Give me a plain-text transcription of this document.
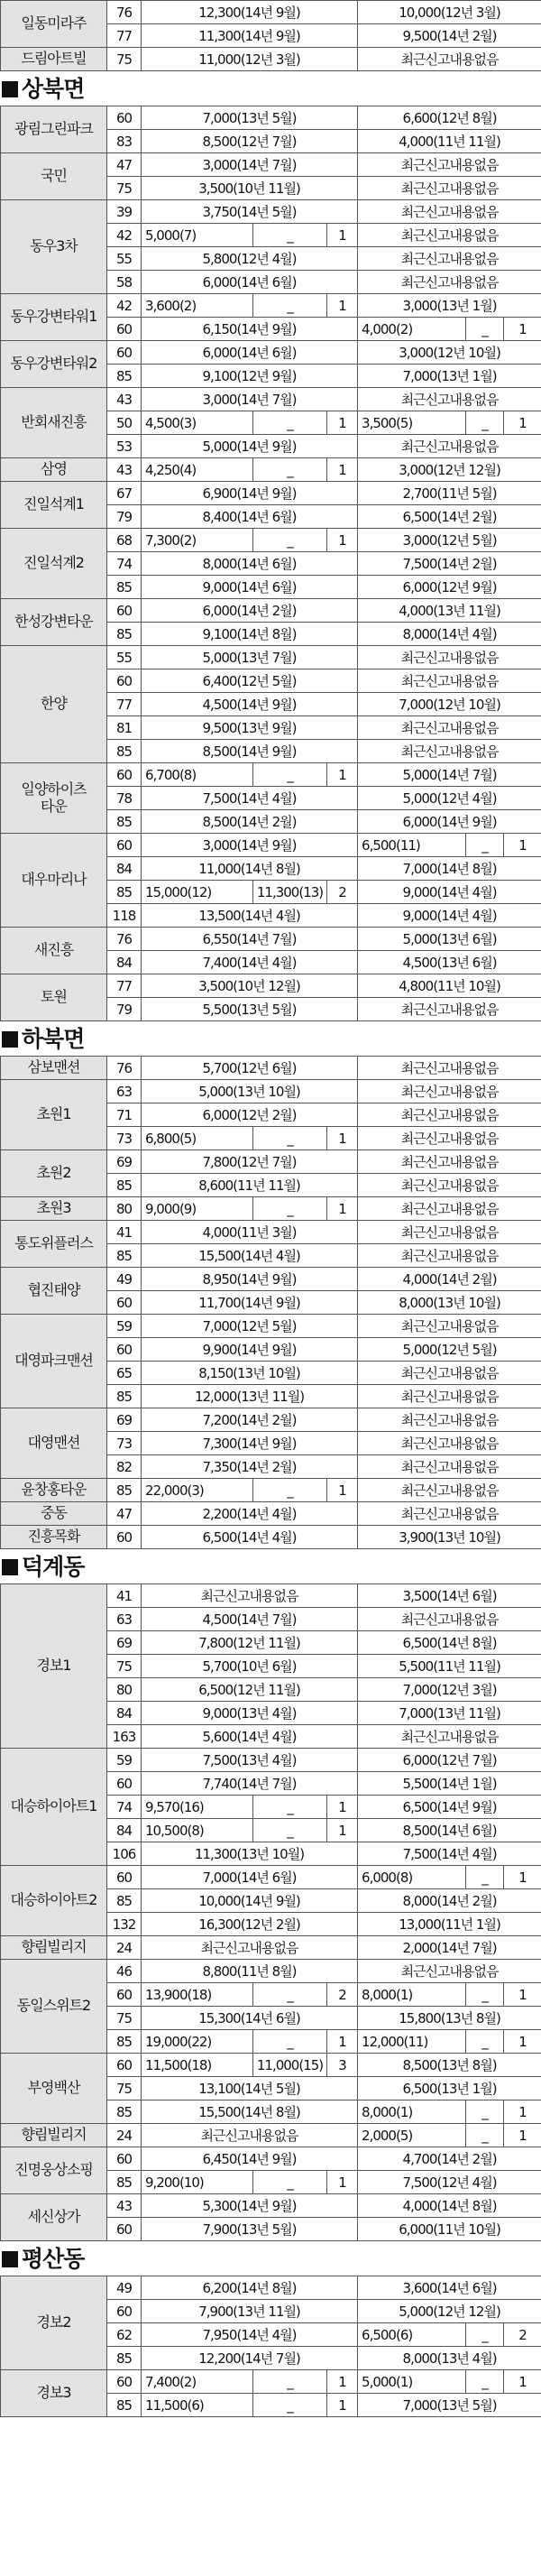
일동미라주	76	12,300(14년 9월)	10,000(12년 3월)
	77	11,300(14년 9월)	9,500(14년 2월)
드림아트빌	75	11,000(12년 3월)	최근신고내용없음
상북면
광림그린파크	60	7,000(13년 5월)			6,600(12년 8월)		
	83	8,500(12년 7월)			4,000(11년 11월)		
국민	47	3,000(14년 7월)			최근신고내용없음		
	75	3,500(10년 11월)			최근신고내용없음		
동우3차	39	3,750(14년 5월)			최근신고내용없음		
	42	5,000(7)	_	1	최근신고내용없음		
	55	5,800(12년 4월)			최근신고내용없음		
	58	6,000(14년 6월)			최근신고내용없음		
동우강변타워1	42	3,600(2)	_	1	3,000(13년 1월)		
	60	6,150(14년 9월)			4,000(2)	_	1
동우강변타워2	60	6,000(14년 6월)			3,000(12년 10월)		
	85	9,100(12년 9월)			7,000(13년 1월)		
반회새진흥	43	3,000(14년 7월)			최근신고내용없음		
	50	4,500(3)	_	1	3,500(5)	_	1
	53	5,000(14년 9월)			최근신고내용없음		
삼영	43	4,250(4)	_	1	3,000(12년 12월)		
진일석계1	67	6,900(14년 9월)			2,700(11년 5월)		
	79	8,400(14년 6월)			6,500(14년 2월)		
진일석계2	68	7,300(2)	_	1	3,000(12년 5월)		
	74	8,000(14년 6월)			7,500(14년 2월)		
	85	9,000(14년 6월)			6,000(12년 9월)		
한성강변타운	60	6,000(14년 2월)			4,000(13년 11월)		
	85	9,100(14년 8월)			8,000(14년 4월)		
한양	55	5,000(13년 7월)			최근신고내용없음		
	60	6,400(12년 5월)			최근신고내용없음		
	77	4,500(14년 9월)			7,000(12년 10월)		
	81	9,500(13년 9월)			최근신고내용없음		
	85	8,500(14년 9월)			최근신고내용없음		
일양하이츠
타운	60	6,700(8)	_	1	5,000(14년 7월)		
	78	7,500(14년 4월)			5,000(12년 4월)		
	85	8,500(14년 2월)			6,000(14년 9월)		
대우마리나	60	3,000(14년 9월)			6,500(11)	_	1
	84	11,000(14년 8월)			7,000(14년 8월)		
	85	15,000(12)	11,300(13)	2	9,000(14년 4월)		
	118	13,500(14년 4월)			9,000(14년 4월)		
새진흥	76	6,550(14년 7월)			5,000(13년 6월)		
	84	7,400(14년 4월)			4,500(13년 6월)		
토원	77	3,500(10년 12월)			4,800(11년 10월)		
	79	5,500(13년 5월)			최근신고내용없음		
하북면
삼보맨션	76	5,700(12년 6월)			최근신고내용없음
초원1	63	5,000(13년 10월)			최근신고내용없음
	71	6,000(12년 2월)			최근신고내용없음
	73	6,800(5)	_	1	최근신고내용없음
초원2	69	7,800(12년 7월)			최근신고내용없음
	85	8,600(11년 11월)			최근신고내용없음
초원3	80	9,000(9)	_	1	최근신고내용없음
통도위플러스	41	4,000(11년 3월)			최근신고내용없음
	85	15,500(14년 4월)			최근신고내용없음
협진태양	49	8,950(14년 9월)			4,000(14년 2월)
	60	11,700(14년 9월)			8,000(13년 10월)
대영파크맨션	59	7,000(12년 5월)			최근신고내용없음
	60	9,900(14년 9월)			5,000(12년 5월)
	65	8,150(13년 10월)			최근신고내용없음
	85	12,000(13년 11월)			최근신고내용없음
대영맨션	69	7,200(14년 2월)			최근신고내용없음
	73	7,300(14년 9월)			최근신고내용없음
	82	7,350(14년 2월)			최근신고내용없음
윤창홍타운	85	22,000(3)	_	1	최근신고내용없음
중동	47	2,200(14년 4월)			최근신고내용없음
진흥목화	60	6,500(14년 4월)			3,900(13년 10월)
덕계동
경보1	41	최근신고내용없음			3,500(14년 6월)		
	63	4,500(14년 7월)			최근신고내용없음		
	69	7,800(12년 11월)			6,500(14년 8월)		
	75	5,700(10년 6월)			5,500(11년 11월)		
	80	6,500(12년 11월)			7,000(12년 3월)		
	84	9,000(13년 4월)			7,000(13년 11월)		
	163	5,600(14년 4월)			최근신고내용없음		
대승하이아트1	59	7,500(13년 4월)			6,000(12년 7월)		
	60	7,740(14년 7월)			5,500(14년 1월)		
	74	9,570(16)	_	1	6,500(14년 9월)		
	84	10,500(8)	_	1	8,500(14년 6월)		
	106	11,300(13년 10월)			7,500(14년 4월)		
대승하이아트2	60	7,000(14년 6월)			6,000(8)	_	1
	85	10,000(14년 9월)			8,000(14년 2월)		
	132	16,300(12년 2월)			13,000(11년 1월)		
향림빌리지	24	최근신고내용없음			2,000(14년 7월)		
동일스위트2	46	8,800(11년 8월)			최근신고내용없음		
	60	13,900(18)	_	2	8,000(1)	_	1
	75	15,300(14년 6월)			15,800(13년 8월)		
	85	19,000(22)	_	1	12,000(11)	_	1
부영백산	60	11,500(18)	11,000(15)	3	8,500(13년 8월)		
	75	13,100(14년 5월)			6,500(13년 1월)		
	85	15,500(14년 8월)			8,000(1)	_	1
향림빌리지	24	최근신고내용없음			2,000(5)	_	1
진명웅상소핑	60	6,450(14년 9월)			4,700(14년 2월)		
	85	9,200(10)	_	1	7,500(12년 4월)		
세신상가	43	5,300(14년 9월)			4,000(14년 8월)		
	60	7,900(13년 5월)			6,000(11년 10월)		
평산동
경보2	49	6,200(14년 8월)			3,600(14년 6월)		
	60	7,900(13년 11월)			5,000(12년 12월)		
	62	7,950(14년 4월)			6,500(6)	_	2
	85	12,200(14년 7월)			8,000(13년 4월)		
경보3	60	7,400(2)	_	1	5,000(1)	_	1
	85	11,500(6)	_	1	7,000(13년 5월)		
